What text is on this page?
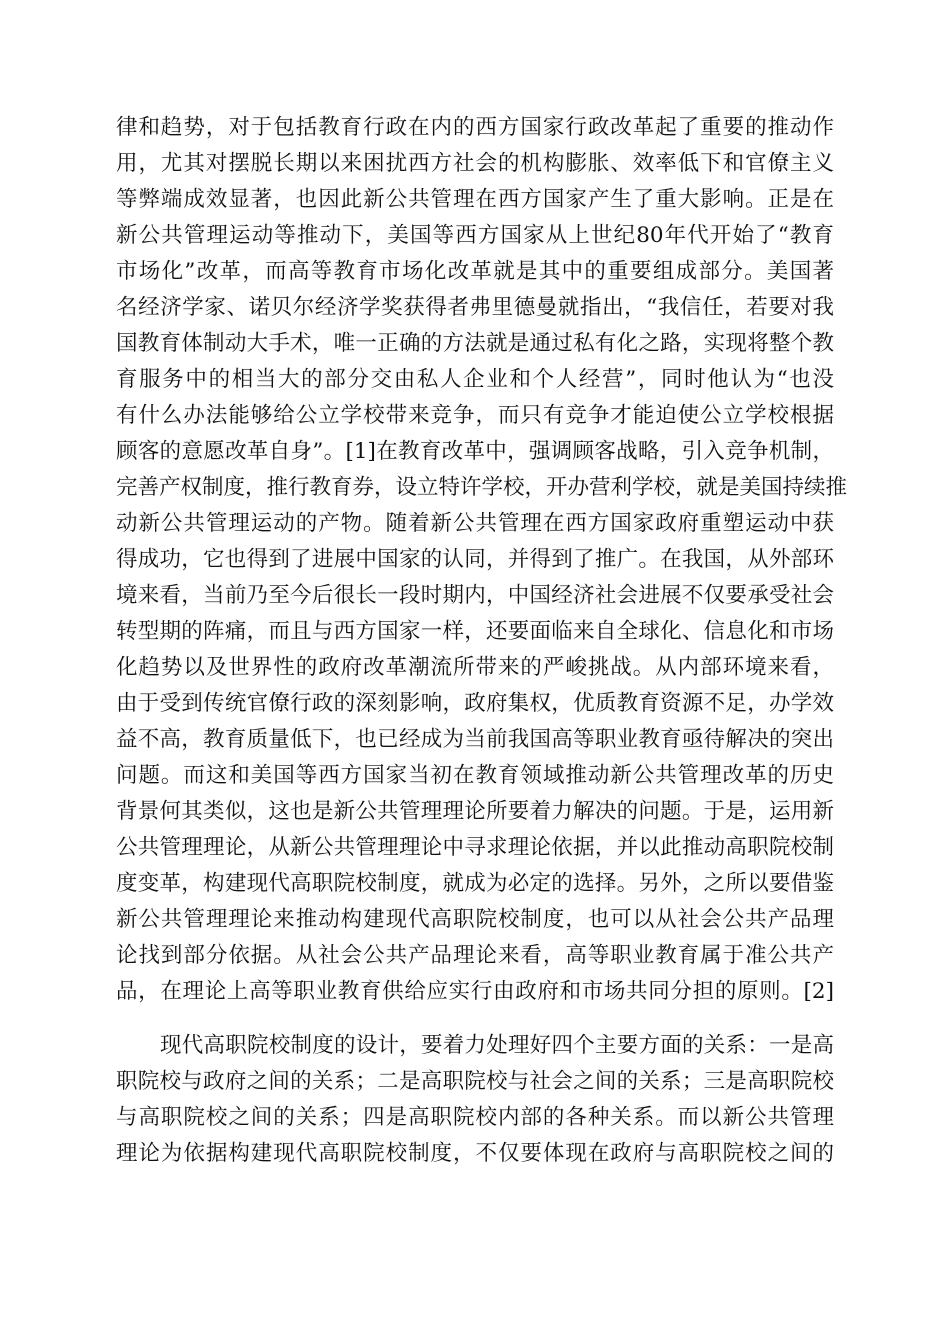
律和趋势，对于包括教育行政在内的西方国家行政改革起了重要的推动作
用，尤其对摆脱长期以来困扰西方社会的机构膨胀、效率低下和官僚主义
等弊端成效显著，也因此新公共管理在西方国家产生了重大影响。正是在
新公共管理运动等推动下，美国等西方国家从上世纪80年代开始了“教育
市场化”改革，而高等教育市场化改革就是其中的重要组成部分。美国著
名经济学家、诺贝尔经济学奖获得者弗里德曼就指出，“我信任，若要对我
国教育体制动大手术，唯一正确的方法就是通过私有化之路，实现将整个教
育服务中的相当大的部分交由私人企业和个人经营”，同时他认为“也没
有什么办法能够给公立学校带来竞争，而只有竞争才能迫使公立学校根据
顾客的意愿改革自身”。[1]在教育改革中，强调顾客战略，引入竞争机制，
完善产权制度，推行教育券，设立特许学校，开办营利学校，就是美国持续推
动新公共管理运动的产物。随着新公共管理在西方国家政府重塑运动中获
得成功，它也得到了进展中国家的认同，并得到了推广。在我国，从外部环
境来看，当前乃至今后很长一段时期内，中国经济社会进展不仅要承受社会
转型期的阵痛，而且与西方国家一样，还要面临来自全球化、信息化和市场
化趋势以及世界性的政府改革潮流所带来的严峻挑战。从内部环境来看，
由于受到传统官僚行政的深刻影响，政府集权，优质教育资源不足，办学效
益不高，教育质量低下，也已经成为当前我国高等职业教育亟待解决的突出
问题。而这和美国等西方国家当初在教育领域推动新公共管理改革的历史
背景何其类似，这也是新公共管理理论所要着力解决的问题。于是，运用新
公共管理理论，从新公共管理理论中寻求理论依据，并以此推动高职院校制
度变革，构建现代高职院校制度，就成为必定的选择。另外，之所以要借鉴
新公共管理理论来推动构建现代高职院校制度，也可以从社会公共产品理
论找到部分依据。从社会公共产品理论来看，高等职业教育属于准公共产
品，在理论上高等职业教育供给应实行由政府和市场共同分担的原则。[2]
现代高职院校制度的设计，要着力处理好四个主要方面的关系：一是高
职院校与政府之间的关系；二是高职院校与社会之间的关系；三是高职院校
与高职院校之间的关系；四是高职院校内部的各种关系。而以新公共管理
理论为依据构建现代高职院校制度，不仅要体现在政府与高职院校之间的
